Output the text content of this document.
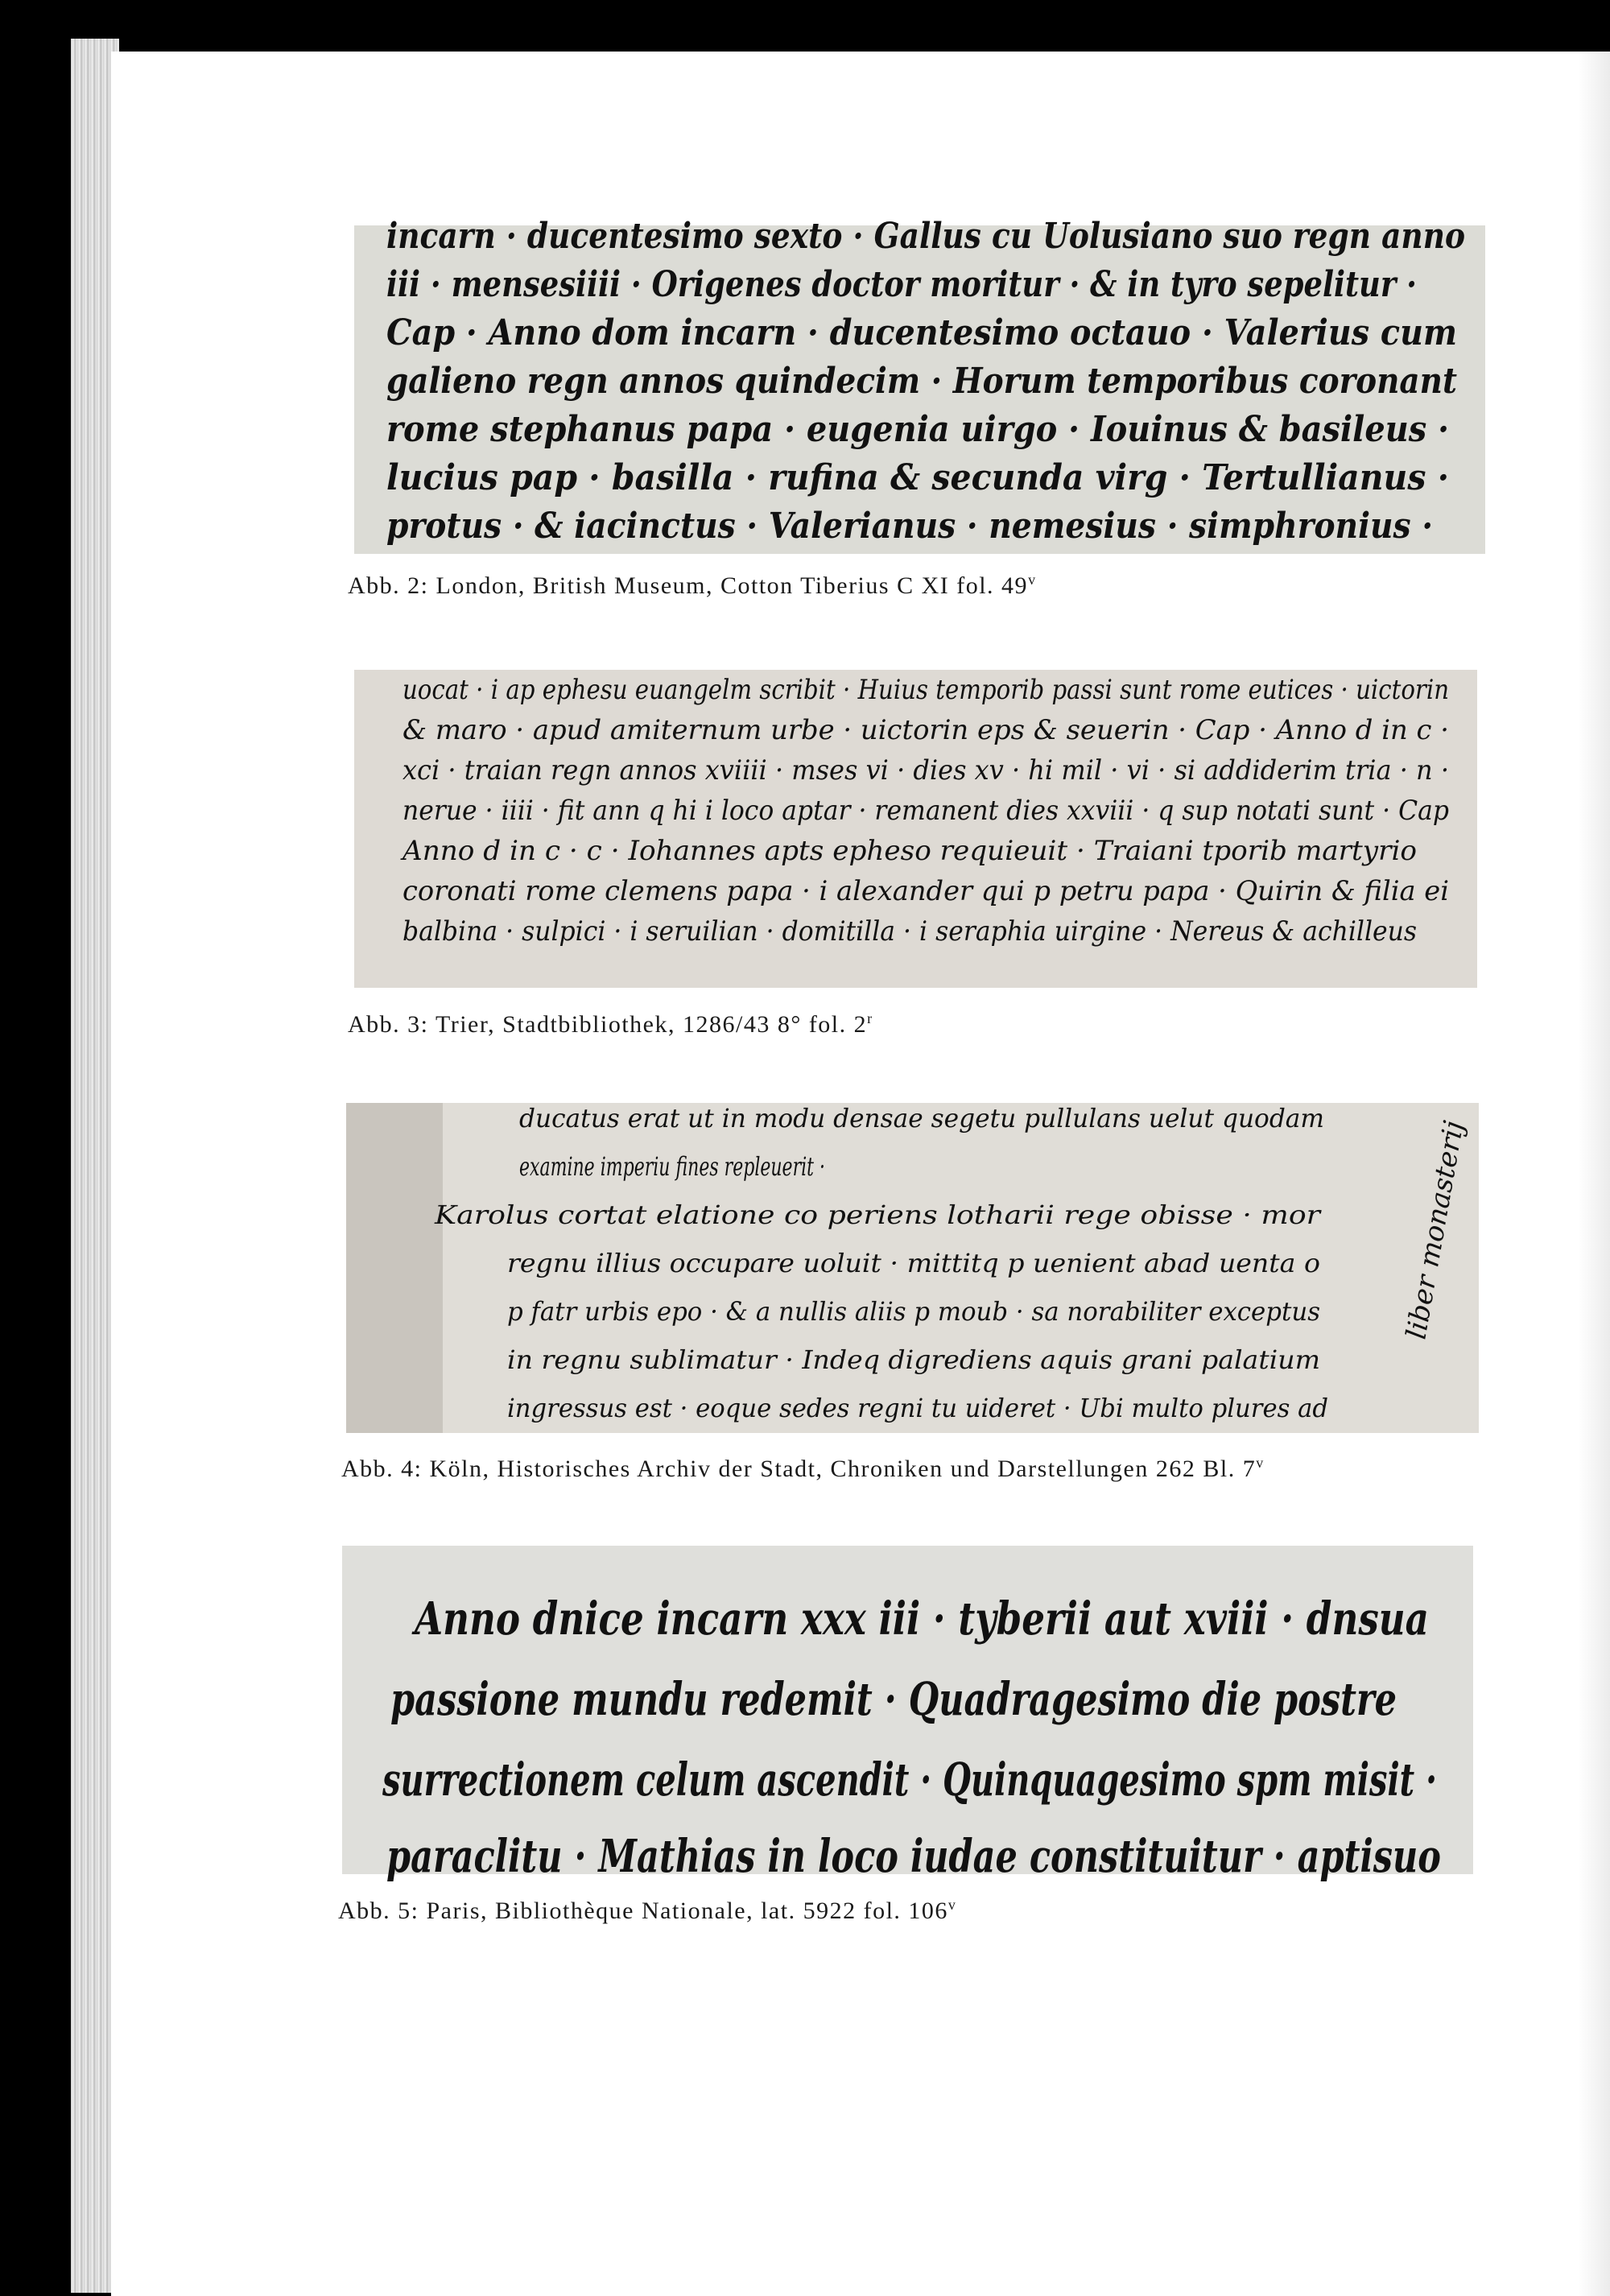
incarn · ducentesimo sexto · Gallus cu Uolusiano suo regn anno
iii · mensesiiii · Origenes doctor moritur · & in tyro sepelitur ·
Cap · Anno dom incarn · ducentesimo octauo · Valerius cum
galieno regn annos quindecim · Horum temporibus coronant
rome stephanus papa · eugenia uirgo · Iouinus & basileus ·
lucius pap · basilla · rufina & secunda virg · Tertullianus ·
protus · & iacinctus · Valerianus · nemesius · simphronius ·
Abb. 2: London, British Museum, Cotton Tiberius C XI fol. 49$^v$
uocat · i ap ephesu euangelm scribit · Huius temporib passi sunt rome eutices · uictorin
& maro · apud amiternum urbe · uictorin eps & seuerin · Cap · Anno d in c ·
xci · traian regn annos xviiii · mses vi · dies xv · hi mil · vi · si addiderim tria · n ·
nerue · iiii · fit ann q hi i loco aptar · remanent dies xxviii · q sup notati sunt · Cap
Anno d in c · c · Iohannes apts epheso requieuit · Traiani tporib martyrio
coronati rome clemens papa · i alexander qui p petru papa · Quirin & filia ei
balbina · sulpici · i seruilian · domitilla · i seraphia uirgine · Nereus & achilleus
Abb. 3: Trier, Stadtbibliothek, 1286/43 8° fol. 2$^r$
ducatus erat ut in modu densae segetu pullulans uelut quodam
examine imperiu fines repleuerit ·
Karolus cortat elatione co periens lotharii rege obisse · mor
regnu illius occupare uoluit · mittitq p uenient abad uenta o
p fatr urbis epo · & a nullis aliis p moub · sa norabiliter exceptus
in regnu sublimatur · Indeq digrediens aquis grani palatium
ingressus est · eoque sedes regni tu uideret · Ubi multo plures ad
liber monasterij
Abb. 4: Köln, Historisches Archiv der Stadt, Chroniken und Darstellungen 262 Bl. 7$^v$
Anno dnice incarn xxx iii · tyberii aut xviii · dnsua
passione mundu redemit · Quadragesimo die postre
surrectionem celum ascendit · Quinquagesimo spm misit ·
paraclitu · Mathias in loco iudae constituitur · aptisuo
Abb. 5: Paris, Bibliothèque Nationale, lat. 5922 fol. 106$^v$
